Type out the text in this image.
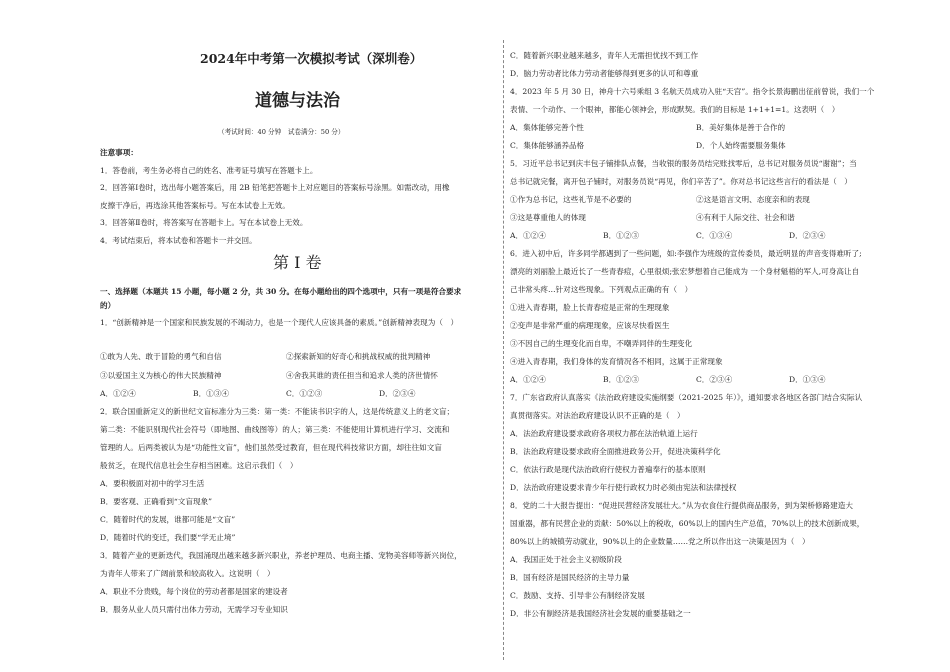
2024年中考第一次模拟考试（深圳卷）
道德与法治
（考试时间：40 分钟　试卷满分：50 分）
注意事项：
1．答卷前，考生务必将自己的姓名、准考证号填写在答题卡上。
2．回答第Ⅰ卷时，选出每小题答案后，用 2B 铅笔把答题卡上对应题目的答案标号涂黑。如需改动，用橡
皮擦干净后，再选涂其他答案标号。写在本试卷上无效。
3．回答第Ⅱ卷时，将答案写在答题卡上。写在本试卷上无效。
4．考试结束后，将本试卷和答题卡一并交回。
第 I 卷
一、选择题（本题共 15 小题，每小题 2 分，共 30 分。在每小题给出的四个选项中，只有一项是符合要求
的）
1．“创新精神是一个国家和民族发展的不竭动力，也是一个现代人应该具备的素质。”创新精神表现为（　）
①敢为人先、敢于冒险的勇气和自信	②探索新知的好奇心和挑战权威的批判精神
③以爱国主义为核心的伟大民族精神	④舍我其谁的责任担当和追求人类的济世情怀
A．①②④	B．①③④	C．①②③	D．②③④
2．联合国重新定义的新世纪文盲标准分为三类：第一类：不能读书识字的人，这是传统意义上的老文盲；
第二类：不能识别现代社会符号（即地图、曲线图等）的人；第三类：不能使用计算机进行学习、交流和
管理的人。后两类被认为是“功能性文盲”，他们虽然受过教育，但在现代科技常识方面，却往往如文盲
般贫乏，在现代信息社会生存相当困难。这启示我们（　）
A．要积极面对初中的学习生活
B．要客观、正确看到“文盲现象”
C．随着时代的发展，谁都可能是“文盲”
D．随着时代的变迁，我们要“学无止境”
3．随着产业的更新迭代，我国涌现出越来越多新兴职业，养老护理员、电商主播、宠物美容师等新兴岗位，
为青年人带来了广阔前景和较高收入。这说明（　）
A．职业不分贵贱，每个岗位的劳动者都是国家的建设者
B．服务从业人员只需付出体力劳动，无需学习专业知识
C．随着新兴职业越来越多，青年人无需担忧找不到工作
D．脑力劳动者比体力劳动者能够得到更多的认可和尊重
4．2023 年 5 月 30 日，神舟十六号乘组 3 名航天员成功入驻“天宫”。指令长景海鹏出征前曾说，我们一个
表情、一个动作、一个眼神，都能心领神会，形成默契。我们的目标是 1+1+1=1。这表明（　）
A．集体能够完善个性	B．美好集体是善于合作的
C．集体能够涵养品格	D．个人始终需要服务集体
5．习近平总书记到庆丰包子铺排队点餐，当收银的服务员结完账找零后，总书记对服务员说“谢谢”；当
总书记就完餐，离开包子铺时，对服务员说“再见，你们辛苦了”。你对总书记这些言行的看法是（　）
①作为总书记，这些礼节是不必要的	②这是语言文明、态度亲和的表现
③这是尊重他人的体现	④有利于人际交往、社会和谐
A．①②④	B．①②③	C．①③④	D．②③④
6．进入初中后，许多同学都遇到了一些问题，如:李强作为班级的宣传委员，最近明显的声音变得难听了;
漂亮的刘丽脸上最近长了一些青春痘，心里很烦;张宏梦想着自己能成为 一个身材魁梧的军人,可身高让自
己非常头疼…针对这些现象。下列观点正确的有（　）
①进入青春期，脸上长青春痘是正常的生理现象
②变声是非常严重的病理现象，应该尽快看医生
③不因自己的生理变化而自卑，不嘲弄同伴的生理变化
④进入青春期，我们身体的发育情况各不相同，这属于正常现象
A．①②④	B．①②③	C．②③④	D．①③④
7．广东省政府认真落实《法治政府建设实施纲要（2021-2025 年）》，通知要求各地区各部门结合实际认
真贯彻落实。对法治政府建设认识不正确的是（　）
A．法治政府建设要求政府各项权力都在法治轨道上运行
B．法治政府建设要求政府全面推进政务公开，促进决策科学化
C．依法行政是现代法治政府行使权力普遍奉行的基本原则
D．法治政府建设要求青少年行使行政权力时必须由宪法和法律授权
8．党的二十大报告提出：“促进民营经济发展壮大。”从为衣食住行提供商品服务，到为架桥修路建造大
国重器，都有民营企业的贡献：50%以上的税收，60%以上的国内生产总值，70%以上的技术创新成果，
80%以上的城镇劳动就业，90%以上的企业数量……党之所以作出这一决策是因为（　）
A．我国正处于社会主义初级阶段
B．国有经济是国民经济的主导力量
C．鼓励、支持、引导非公有制经济发展
D．非公有制经济是我国经济社会发展的重要基础之一
